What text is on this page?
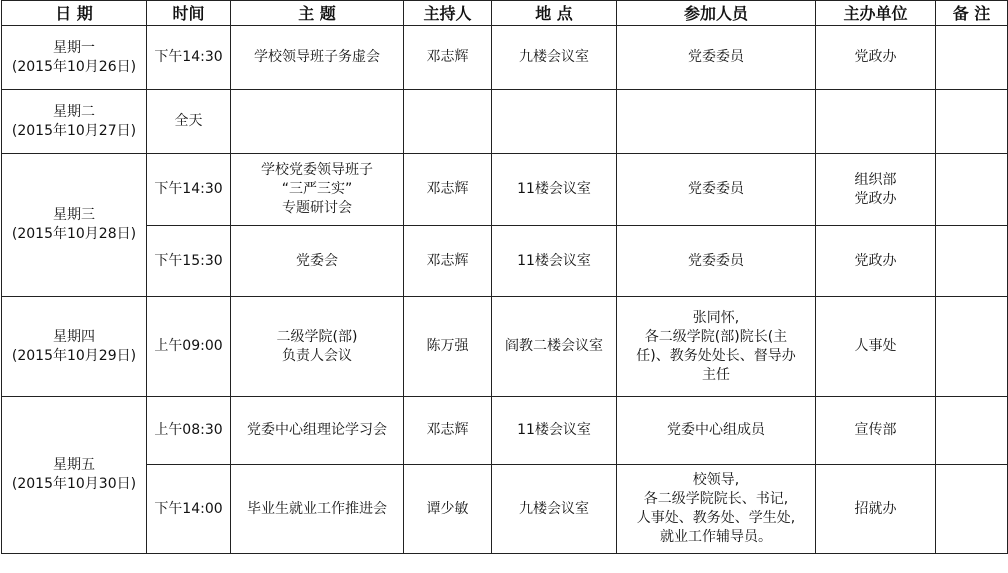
日 期	时间	主 题	主持人	地 点	参加人员	主办单位	备 注

星期一
(2015年10月26日)	下午14:30	学校领导班子务虚会	邓志辉	九楼会议室	党委委员	党政办	

星期二
(2015年10月27日)	全天						

星期三
(2015年10月28日)	下午14:30	学校党委领导班子
“三严三实”
专题研讨会	邓志辉	11楼会议室	党委委员	组织部
党政办	

	下午15:30	党委会	邓志辉	11楼会议室	党委委员	党政办	

星期四
(2015年10月29日)	上午09:00	二级学院(部)
负责人会议	陈万强	阎教二楼会议室	张同怀,
各二级学院(部)院长(主
任)、教务处处长、督导办
主任	人事处	

星期五
(2015年10月30日)	上午08:30	党委中心组理论学习会	邓志辉	11楼会议室	党委中心组成员	宣传部	

	下午14:00	毕业生就业工作推进会	谭少敏	九楼会议室	校领导,
各二级学院院长、书记,
人事处、教务处、学生处,
就业工作辅导员。	招就办	
